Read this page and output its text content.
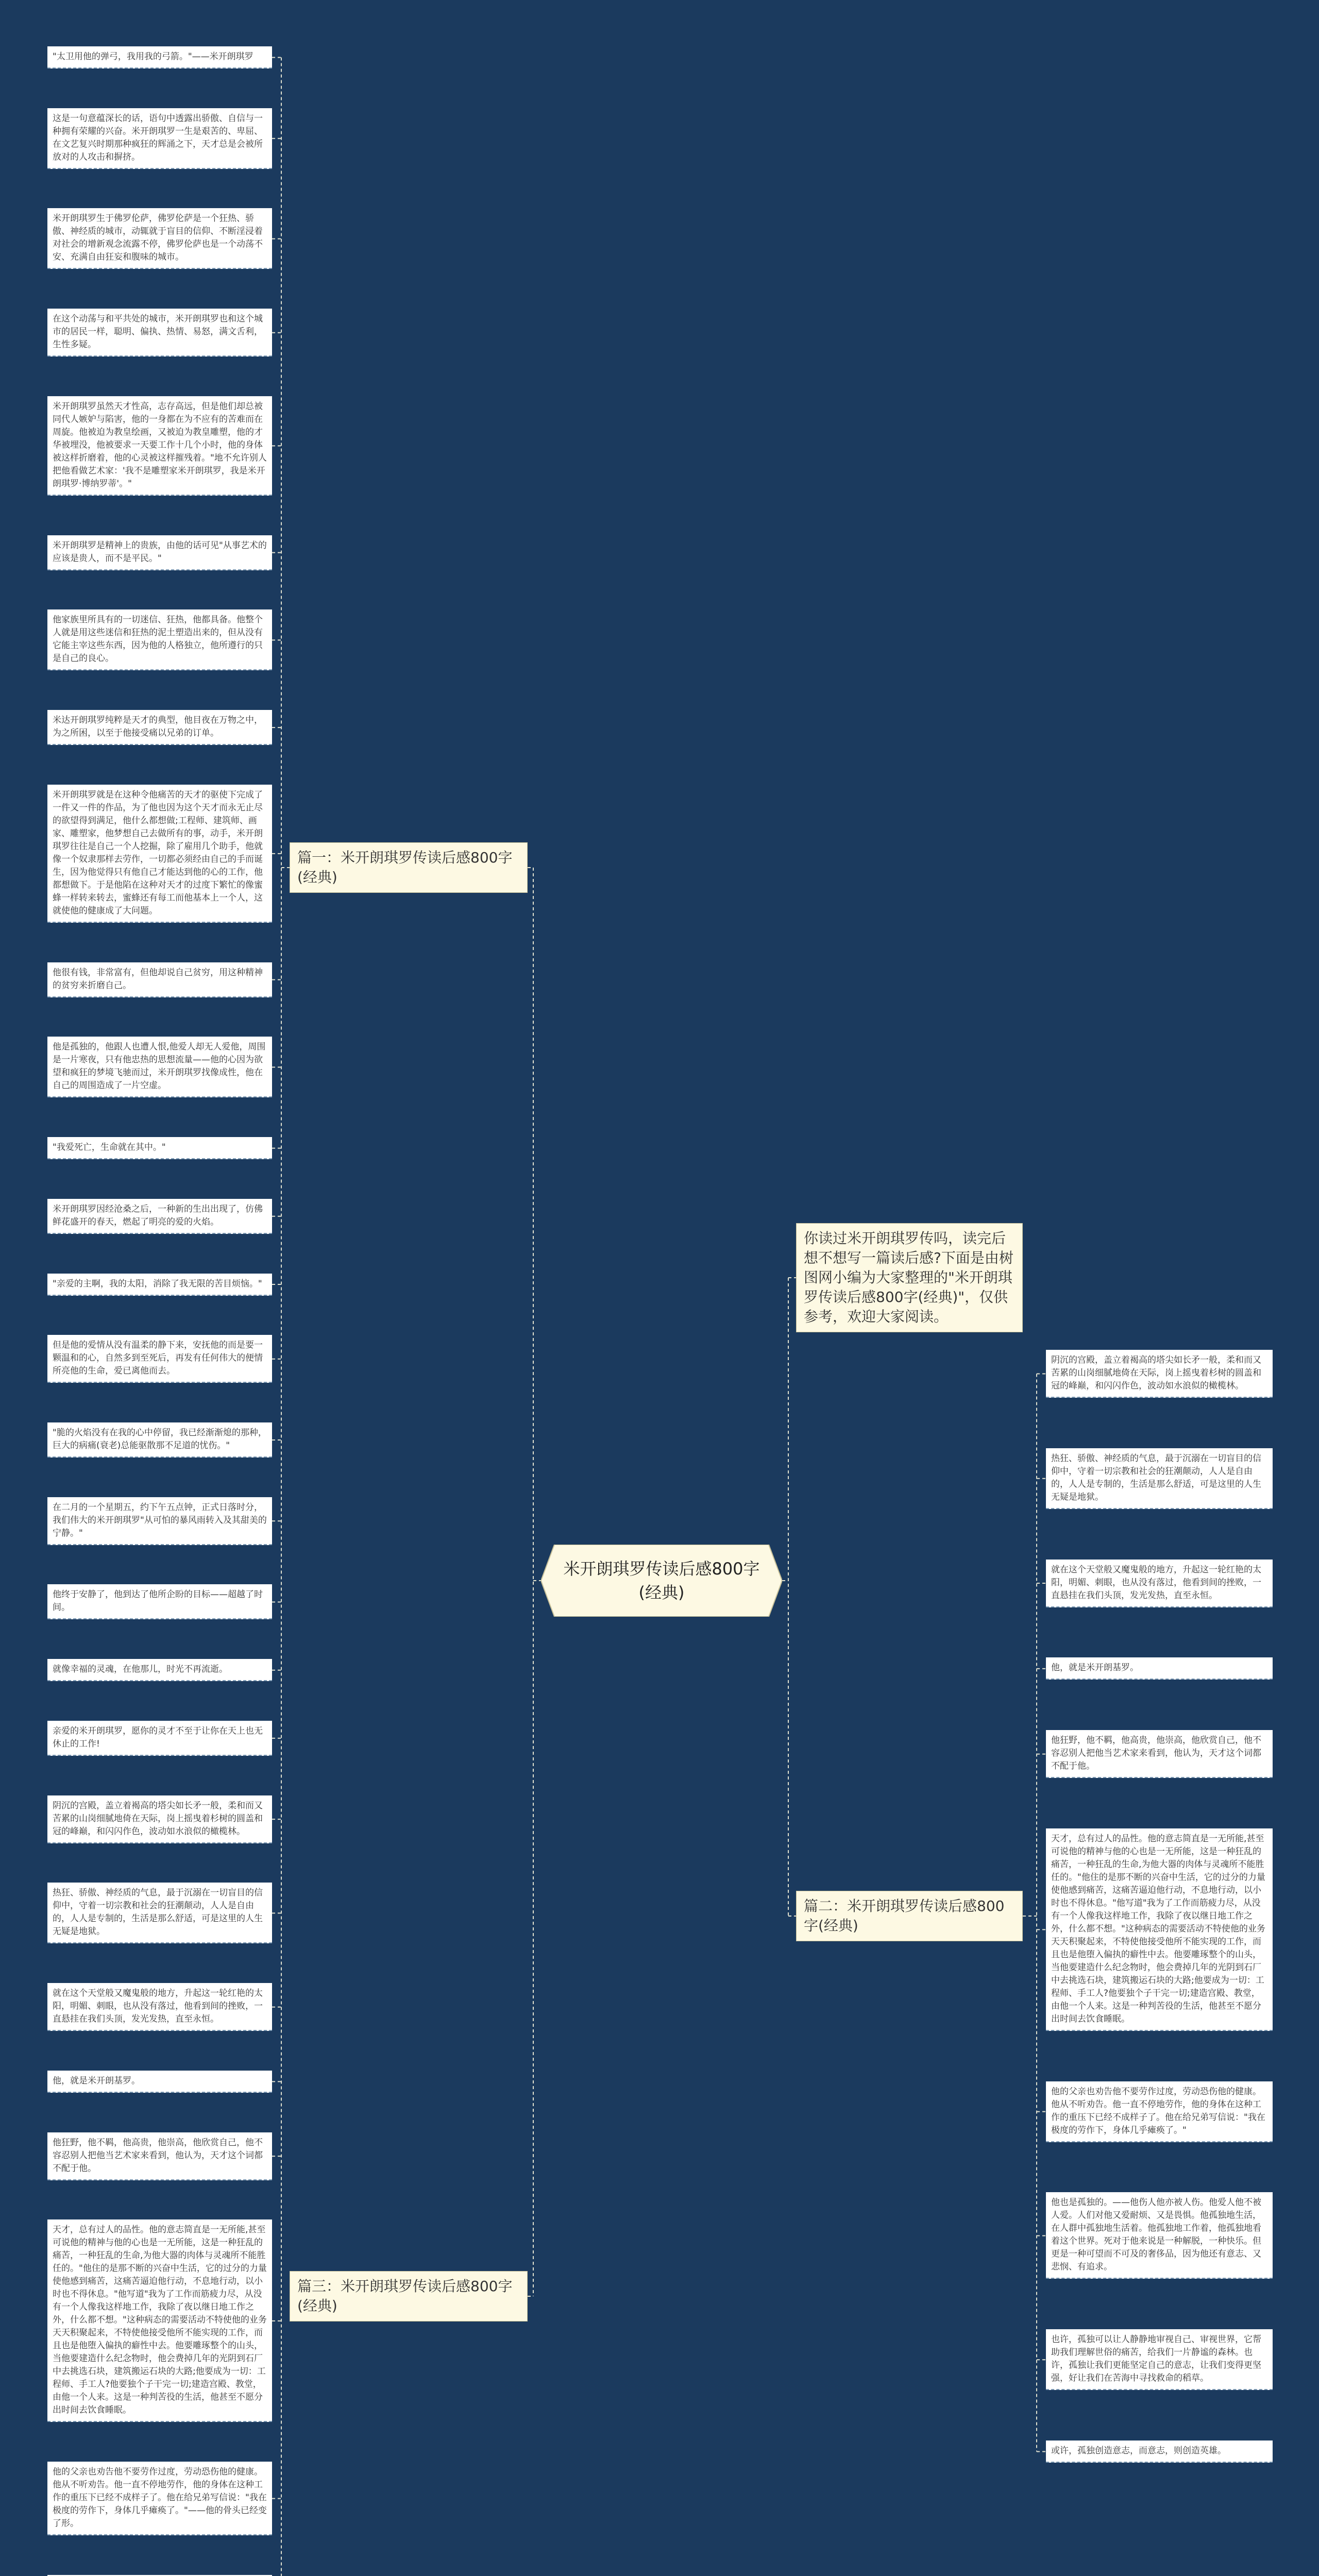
米开朗琪罗传读后感800字(经典)
你读过米开朗琪罗传吗，读完后想不想写一篇读后感?下面是由树图网小编为大家整理的"米开朗琪罗传读后感800字(经典)"，仅供参考，欢迎大家阅读。
篇一：米开朗琪罗传读后感800字(经典)
篇二：米开朗琪罗传读后感800字(经典)
篇三：米开朗琪罗传读后感800字(经典)
"太卫用他的弹弓，我用我的弓箭。"——米开朗琪罗
这是一句意蕴深长的话，语句中透露出骄傲、自信与一种拥有荣耀的兴奋。米开朗琪罗一生是艰苦的、卑屈、在文艺复兴时期那种疯狂的辉涌之下，天才总是会被所放对的人攻击和摒挤。
米开朗琪罗生于佛罗伦萨，佛罗伦萨是一个狂热、骄傲、神经质的城市，动辄就于盲目的信仰、不断淫浸着对社会的增新观念流露不停，佛罗伦萨也是一个动荡不安、充满自由狂妄和腹味的城市。
在这个动荡与和平共处的城市，米开朗琪罗也和这个城市的居民一样，聪明、偏执、热情、易怒，满文舌利，生性多疑。
米开朗琪罗虽然天才性高，志存高远，但是他们却总被同代人嫉妒与陷害，他的一身都在为不应有的苦难而在周旋。他被迫为教皇绘画，又被迫为教皇雕塑，他的才华被埋没，他被要求一天要工作十几个小时，他的身体被这样折磨着，他的心灵被这样摧残着。"地不允许别人把他看做艺术家：'我不是雕塑家米开朗琪罗，我是米开朗琪罗·博纳罗蒂'。"
米开朗琪罗是精神上的贵族，由他的话可见"从事艺术的应该是贵人，而不是平民。"
他家族里所具有的一切迷信、狂热，他都具备。他整个人就是用这些迷信和狂热的泥土塑造出来的，但从没有它能主宰这些东西，因为他的人格独立，他所遵行的只是自己的良心。
米达开朗琪罗纯粹是天才的典型，他目夜在万物之中，为之所困，以至于他接受痛以兄弟的订单。
米开朗琪罗就是在这种令他痛苦的天才的驱使下完成了一件又一件的作品，为了他也因为这个天才而永无止尽的欲望得到满足，他什么都想做;工程师、建筑师、画家、雕塑家，他梦想自己去做所有的事，动手，米开朗琪罗往往是自己一个人挖掘，除了雇用几个助手，他就像一个奴隶那样去劳作，一切都必须经由自己的手而诞生，因为他觉得只有他自己才能达到他的心的工作，他都想做下。于是他陷在这种对天才的过度下繁忙的像蜜蜂一样转来转去，蜜蜂还有每工而他基本上一个人，这就使他的健康成了大问题。
他很有钱，非常富有，但他却说自己贫穷，用这种精神的贫穷来折磨自己。
他是孤独的，他跟人也遭人恨,他爱人却无人爱他，周围是一片寒夜，只有他忠热的思想流量——他的心因为欲望和疯狂的梦境飞驰而过，米开朗琪罗找像成性，他在自己的周围造成了一片空虚。
"我爱死亡，生命就在其中。"
米开朗琪罗因经沧桑之后，一种新的生出出现了，仿佛鲜花盛开的春天，燃起了明亮的爱的火焰。
"亲爱的主啊，我的太阳，消除了我无限的苦目烦恼。"
但是他的爱情从没有温柔的静下来，安抚他的而是要一颗温和的心，自然多到至死后，再发有任何伟大的便情所亮他的生命，爱已离他而去。
"脆的火焰没有在我的心中停留，我已经渐渐熄的那种，巨大的病痛(衰老)总能驱散那不足道的忧伤。"
在二月的一个星期五，约下午五点钟，正式日落时分，我们伟大的米开朗琪罗"从可怕的暴风雨转入及其甜美的宁静。"
他终于安静了，他到达了他所企盼的目标——超越了时间。
就像幸福的灵魂，在他那儿，时光不再流逝。
亲爱的米开朗琪罗，愿你的灵才不至于让你在天上也无休止的工作!
阴沉的宫殿，盖立着褐高的塔尖如长矛一般，柔和而又苦累的山岗细腻地倚在天际，岗上摇曳着杉树的圆盖和冠的峰巅，和闪闪作色，波动如水浪似的橄榄林。
热狂、骄傲、神经质的气息，最于沉溺在一切盲目的信仰中，守着一切宗教和社会的狂潮颠动，人人是自由的，人人是专制的，生活是那么舒适，可是这里的人生无疑是地狱。
就在这个天堂般又魔鬼般的地方，升起这一轮红艳的太阳，明媚、刺眼，也从没有落过，他看到间的挫败，一直悬挂在我们头顶，发光发热，直至永恒。
他，就是米开朗基罗。
他狂野，他不羁，他高贵，他崇高，他欣赏自己，他不容忍别人把他当艺术家来看到，他认为，天才这个词都不配于他。
天才，总有过人的品性。他的意志简直是一无所能,甚至可说他的精神与他的心也是一无所能，这是一种狂乱的痛苦，一种狂乱的生命,为他大器的肉体与灵魂所不能胜任的。"他住的是那不断的兴奋中生活，它的过分的力量使他感到痛苦，这痛苦逼迫他行动，不息地行动，以小时也不得休息。"他写道"我为了工作而筋疲力尽，从没有一个人像我这样地工作，我除了夜以继日地工作之外，什么都不想。"这种病态的需要活动不特使他的业务天天积聚起来，不特使他接受他所不能实现的工作，而且也是他堕入偏执的癖性中去。他要雕琢整个的山头，当他要建造什么纪念物时，他会费掉几年的光阴到石厂中去挑选石块，建筑搬运石块的大路;他要成为一切：工程师、手工人?他要独个子干完一切;建造宫殿、教堂，由他一个人来。这是一种判苦役的生活，他甚至不愿分出时间去饮食睡眠。
他的父亲也劝告他不要劳作过度，劳动恐伤他的健康。他从不听劝告。他一直不停地劳作，他的身体在这种工作的重压下已经不成样子了。他在给兄弟写信说："我在极度的劳作下，身体几乎瘫痪了。"——他的骨头已经变了形。
阴沉的宫殿，盖立着褐高的塔尖如长矛一般，柔和而又苦累的山岗细腻地倚在天际，岗上摇曳着杉树的圆盖和冠的峰巅，和闪闪作色，波动如水浪似的橄榄林。
热狂、骄傲、神经质的气息，最于沉溺在一切盲目的信仰中，守着一切宗教和社会的狂潮颠动，人人是自由的，人人是专制的，生活是那么舒适，可是这里的人生无疑是地狱。
就在这个天堂般又魔鬼般的地方，升起这一轮红艳的太阳，明媚、刺眼，也从没有落过，他看到间的挫败，一直悬挂在我们头顶，发光发热，直至永恒。
他，就是米开朗基罗。
他狂野，他不羁，他高贵，他崇高，他欣赏自己，他不容忍别人把他当艺术家来看到，他认为，天才这个词都不配于他。
天才，总有过人的品性。他的意志简直是一无所能,甚至可说他的精神与他的心也是一无所能，这是一种狂乱的痛苦，一种狂乱的生命,为他大器的肉体与灵魂所不能胜任的。"他住的是那不断的兴奋中生活，它的过分的力量使他感到痛苦，这痛苦逼迫他行动，不息地行动，以小时也不得休息。"他写道"我为了工作而筋疲力尽，从没有一个人像我这样地工作，我除了夜以继日地工作之外，什么都不想。"这种病态的需要活动不特使他的业务天天积聚起来，不特使他接受他所不能实现的工作，而且也是他堕入偏执的癖性中去。他要雕琢整个的山头，当他要建造什么纪念物时，他会费掉几年的光阴到石厂中去挑选石块，建筑搬运石块的大路;他要成为一切：工程师、手工人?他要独个子干完一切;建造宫殿、教堂，由他一个人来。这是一种判苦役的生活，他甚至不愿分出时间去饮食睡眠。
他的父亲也劝告他不要劳作过度，劳动恐伤他的健康。他从不听劝告。他一直不停地劳作，他的身体在这种工作的重压下已经不成样子了。他在给兄弟写信说："我在极度的劳作下，身体几乎瘫痪了。"
他也是孤独的。——他伤人他亦被人伤。他爱人他不被人爱。人们对他又爱耐烦、又是畏惧。他孤独地生活，在人群中孤独地生活着。他孤独地工作着，他孤独地看着这个世界。死对于他来说是一种解脱，一种快乐。但更是一种可望而不可及的奢侈品，因为他还有意志、又悲悯、有追求。
也许，孤独可以让人静静地审视自己、审视世界，它帮助我们理解世俗的痛苦，给我们一片静谧的森林。也许，孤独让我们更能坚定自己的意志，让我们变得更坚强，好让我们在苦海中寻找救命的稻草。
或许，孤独创造意志，而意志，则创造英雄。
